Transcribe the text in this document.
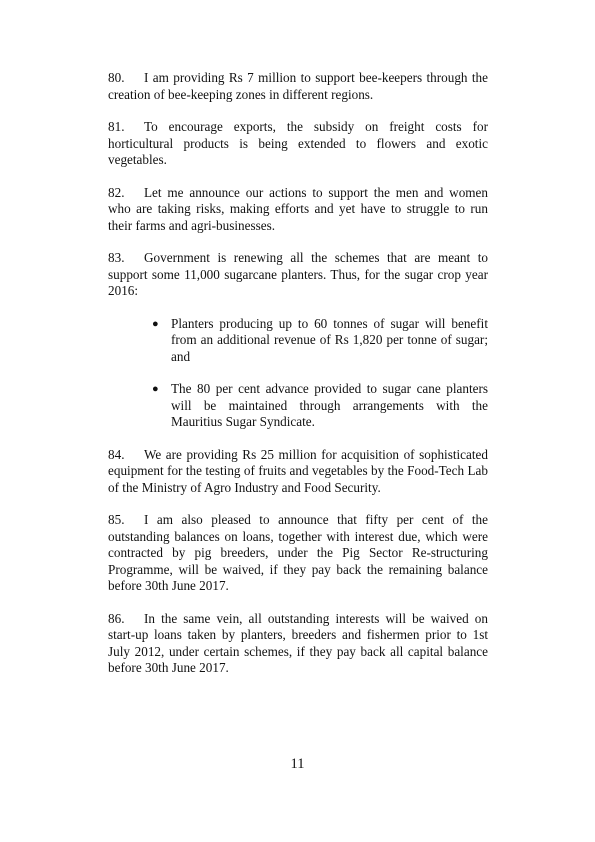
80. I am providing Rs 7 million to support bee-keepers through the creation of bee-keeping zones in different regions.

81. To encourage exports, the subsidy on freight costs for horticultural products is being extended to flowers and exotic vegetables.

82. Let me announce our actions to support the men and women who are taking risks, making efforts and yet have to struggle to run their farms and agri-businesses.

83. Government is renewing all the schemes that are meant to support some 11,000 sugarcane planters. Thus, for the sugar crop year 2016:

● Planters producing up to 60 tonnes of sugar will benefit from an additional revenue of Rs 1,820 per tonne of sugar; and
● The 80 per cent advance provided to sugar cane planters will be maintained through arrangements with the Mauritius Sugar Syndicate.

84. We are providing Rs 25 million for acquisition of sophisticated equipment for the testing of fruits and vegetables by the Food-Tech Lab of the Ministry of Agro Industry and Food Security.

85. I am also pleased to announce that fifty per cent of the outstanding balances on loans, together with interest due, which were contracted by pig breeders, under the Pig Sector Re-structuring Programme, will be waived, if they pay back the remaining balance before 30th June 2017.

86. In the same vein, all outstanding interests will be waived on start-up loans taken by planters, breeders and fishermen prior to 1st July 2012, under certain schemes, if they pay back all capital balance before 30th June 2017.

11
